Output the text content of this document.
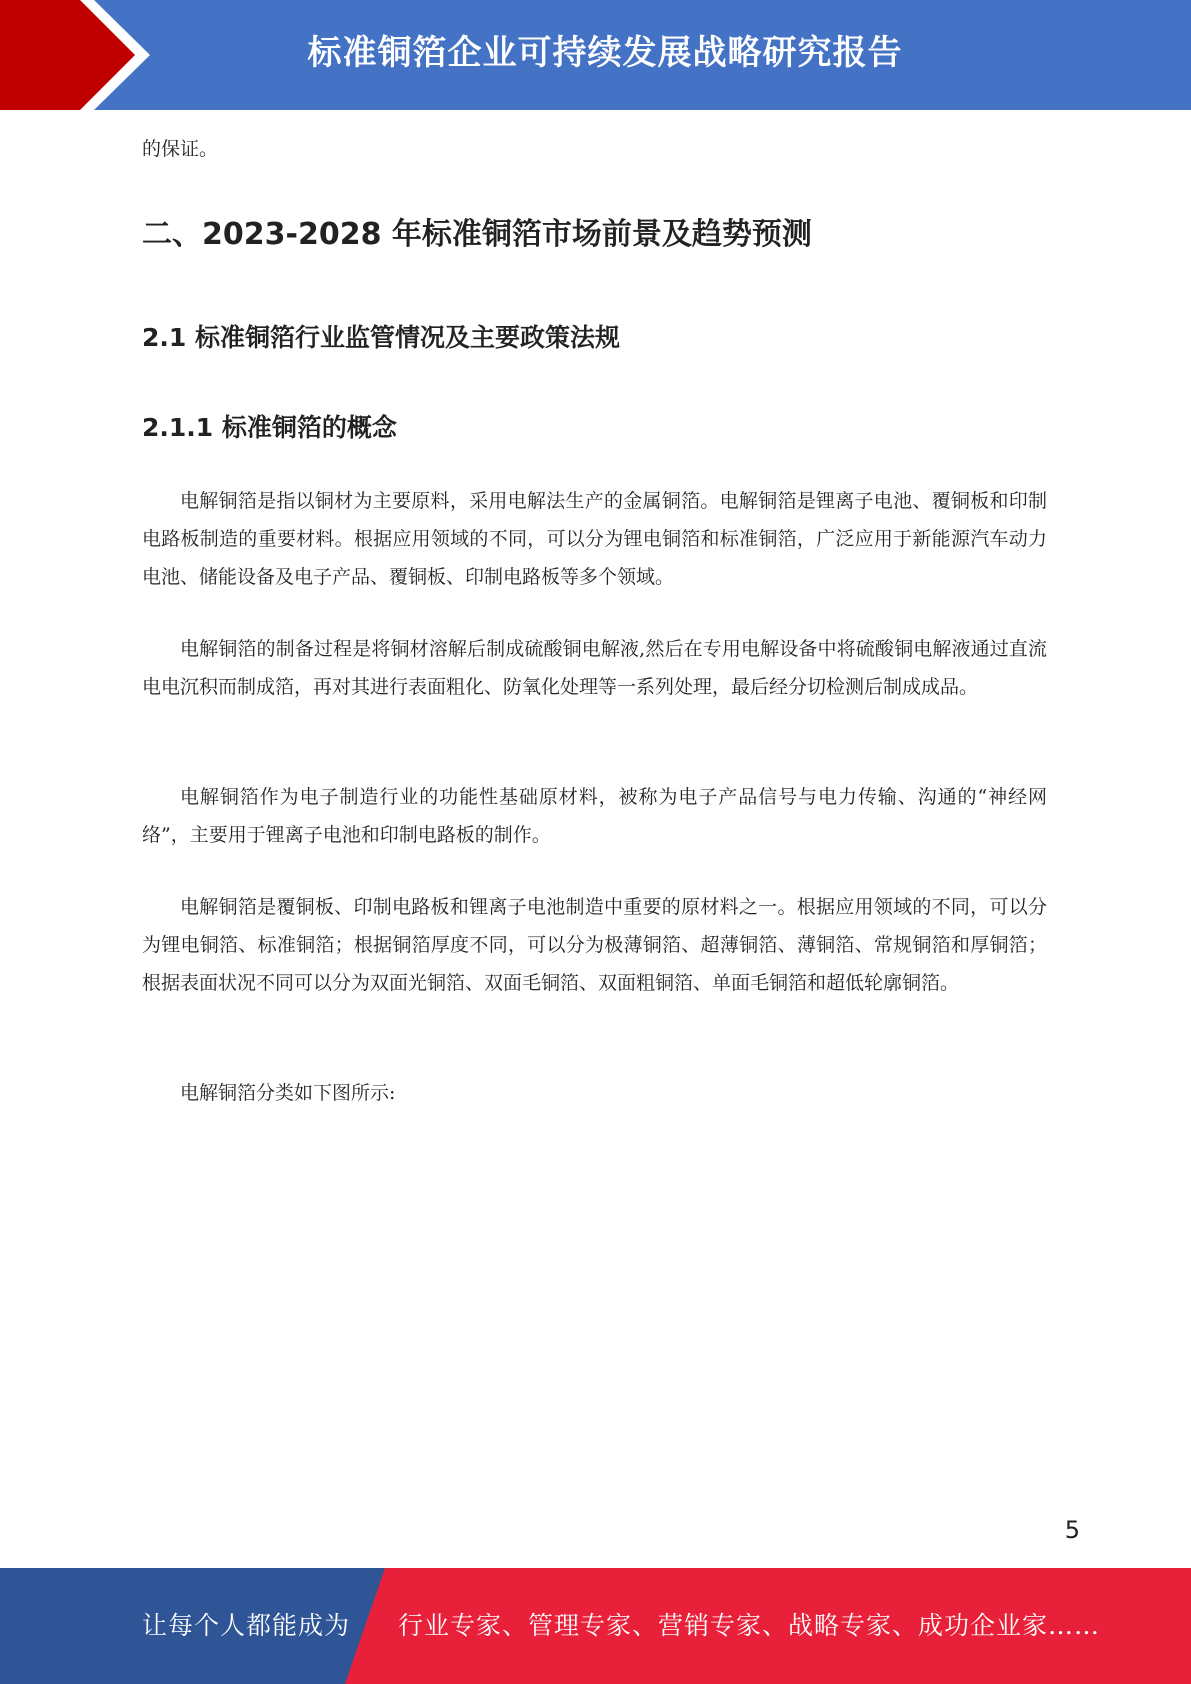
标准铜箔企业可持续发展战略研究报告

的保证。

二、2023-2028 年标准铜箔市场前景及趋势预测
2.1 标准铜箔行业监管情况及主要政策法规
2.1.1 标准铜箔的概念

电解铜箔是指以铜材为主要原料，采用电解法生产的金属铜箔。电解铜箔是锂离子电池、覆铜板和印制电路板制造的重要材料。根据应用领域的不同，可以分为锂电铜箔和标准铜箔，广泛应用于新能源汽车动力电池、储能设备及电子产品、覆铜板、印制电路板等多个领域。

电解铜箔的制备过程是将铜材溶解后制成硫酸铜电解液,然后在专用电解设备中将硫酸铜电解液通过直流电电沉积而制成箔，再对其进行表面粗化、防氧化处理等一系列处理，最后经分切检测后制成成品。

电解铜箔作为电子制造行业的功能性基础原材料，被称为电子产品信号与电力传输、沟通的“神经网络”，主要用于锂离子电池和印制电路板的制作。

电解铜箔是覆铜板、印制电路板和锂离子电池制造中重要的原材料之一。根据应用领域的不同，可以分为锂电铜箔、标准铜箔；根据铜箔厚度不同，可以分为极薄铜箔、超薄铜箔、薄铜箔、常规铜箔和厚铜箔；根据表面状况不同可以分为双面光铜箔、双面毛铜箔、双面粗铜箔、单面毛铜箔和超低轮廓铜箔。

电解铜箔分类如下图所示:

5
让每个人都能成为 行业专家、管理专家、营销专家、战略专家、成功企业家……
